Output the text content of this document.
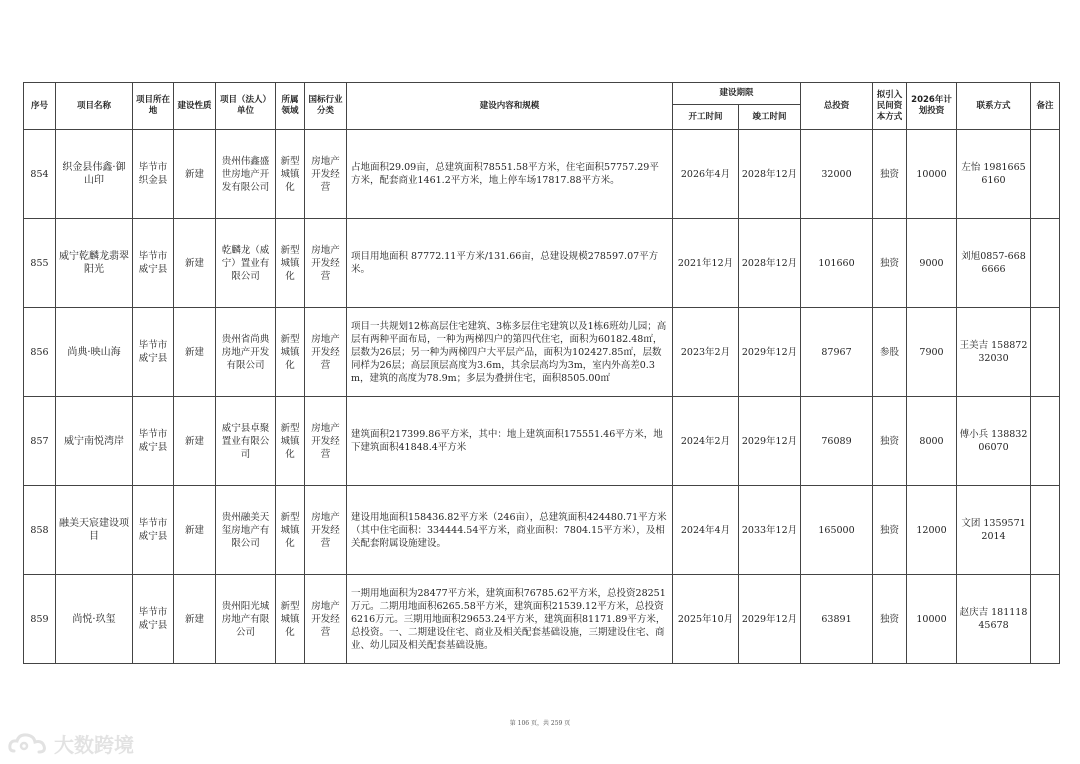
序号	项目名称	项目所在地	建设性质	项目（法人）单位	所属领域	国标行业分类	建设内容和规模	建设期限		总投资	拟引入民间资本方式	2026年计划投资	联系方式	备注
								开工时间	竣工时间					
854	织金县伟鑫·御山印	毕节市织金县	新建	贵州伟鑫盛世房地产开发有限公司	新型城镇化	房地产开发经营	占地面积29.09亩，总建筑面积78551.58平方米，住宅面积57757.29平方米，配套商业1461.2平方米，地上停车场17817.88平方米。	2026年4月	2028年12月	32000	独资	10000	左怡 19816656160	
855	威宁乾麟龙翡翠阳光	毕节市威宁县	新建	乾麟龙（威宁）置业有限公司	新型城镇化	房地产开发经营	项目用地面积 87772.11平方米/131.66亩，总建设规模278597.07平方米。	2021年12月	2028年12月	101660	独资	9000	刘旭0857-6686666	
856	尚典·映山海	毕节市威宁县	新建	贵州省尚典房地产开发有限公司	新型城镇化	房地产开发经营	项目一共规划12栋高层住宅建筑、3栋多层住宅建筑以及1栋6班幼儿园；高层有两种平面布局，一种为两梯四户的第四代住宅，面积为60182.48㎡，层数为26层；另一种为两梯四户大平层产品，面积为102427.85㎡，层数同样为26层；高层顶层高度为3.6m，其余层高均为3m，室内外高差0.3m，建筑的高度为78.9m；多层为叠拼住宅，面积8505.00㎡	2023年2月	2029年12月	87967	参股	7900	王美吉 15887232030	
857	威宁南悦湾岸	毕节市威宁县	新建	威宁县卓聚置业有限公司	新型城镇化	房地产开发经营	建筑面积217399.86平方米，其中：地上建筑面积175551.46平方米，地下建筑面积41848.4平方米	2024年2月	2029年12月	76089	独资	8000	傅小兵 13883206070	
858	融美天宸建设项目	毕节市威宁县	新建	贵州融美天玺房地产有限公司	新型城镇化	房地产开发经营	建设用地面积158436.82平方米（246亩），总建筑面积424480.71平方米（其中住宅面积：334444.54平方米，商业面积：7804.15平方米），及相关配套附属设施建设。	2024年4月	2033年12月	165000	独资	12000	文团 13595712014	
859	尚悦·玖玺	毕节市威宁县	新建	贵州阳光城房地产有限公司	新型城镇化	房地产开发经营	一期用地面积为28477平方米，建筑面积76785.62平方米，总投资28251万元。二期用地面积6265.58平方米，建筑面积21539.12平方米，总投资6216万元。三期用地面积29653.24平方米，建筑面积81171.89平方米，总投资。一、二期建设住宅、商业及相关配套基础设施，三期建设住宅、商业、幼儿园及相关配套基础设施。	2025年10月	2029年12月	63891	独资	10000	赵庆吉 18111845678	
第 106 页，共 259 页
大数跨境
